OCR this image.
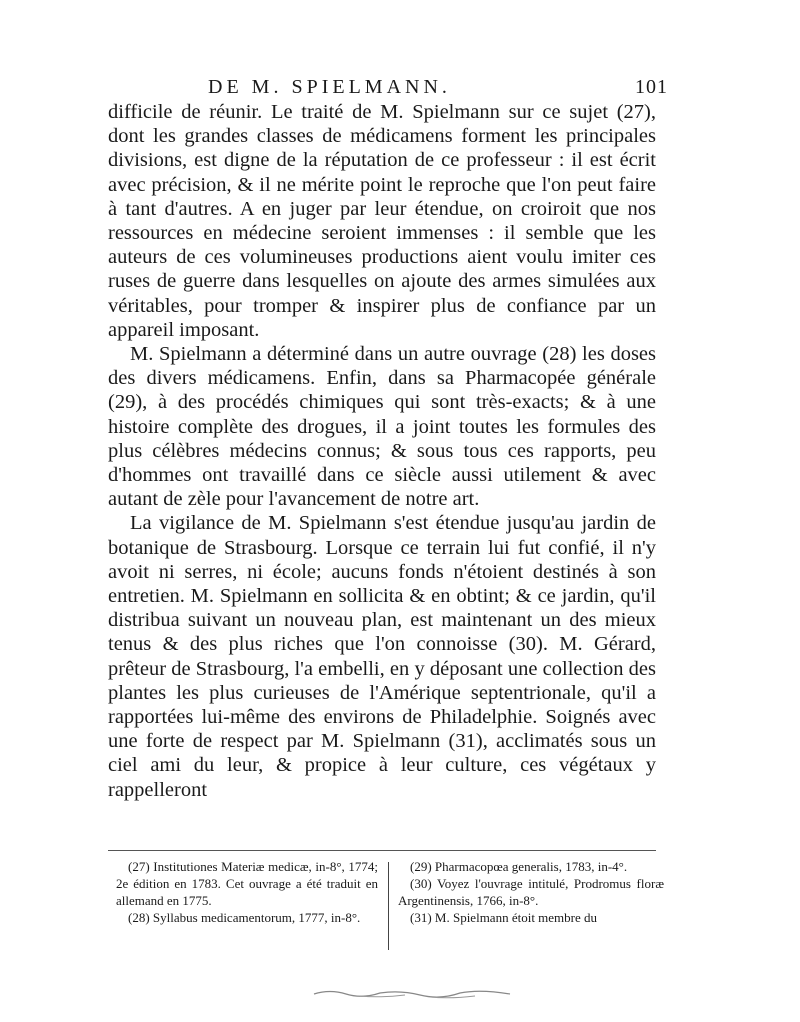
DE M. SPIELMANN.	101

difficile de réunir. Le traité de M. Spielmann sur ce sujet (27), dont les grandes classes de médicamens forment les principales divisions, est digne de la réputation de ce professeur : il est écrit avec précision, & il ne mérite point le reproche que l'on peut faire à tant d'autres. A en juger par leur étendue, on croiroit que nos ressources en médecine seroient immenses : il semble que les auteurs de ces volumineuses productions aient voulu imiter ces ruses de guerre dans lesquelles on ajoute des armes simulées aux véritables, pour tromper & inspirer plus de confiance par un appareil imposant.

M. Spielmann a déterminé dans un autre ouvrage (28) les doses des divers médicamens. Enfin, dans sa Pharmacopée générale (29), à des procédés chimiques qui sont très-exacts; & à une histoire complète des drogues, il a joint toutes les formules des plus célèbres médecins connus; & sous tous ces rapports, peu d'hommes ont travaillé dans ce siècle aussi utilement & avec autant de zèle pour l'avancement de notre art.

La vigilance de M. Spielmann s'est étendue jusqu'au jardin de botanique de Strasbourg. Lorsque ce terrain lui fut confié, il n'y avoit ni serres, ni école; aucuns fonds n'étoient destinés à son entretien. M. Spielmann en sollicita & en obtint; & ce jardin, qu'il distribua suivant un nouveau plan, est maintenant un des mieux tenus & des plus riches que l'on connoisse (30). M. Gérard, prêteur de Strasbourg, l'a embelli, en y déposant une collection des plantes les plus curieuses de l'Amérique septentrionale, qu'il a rapportées lui-même des environs de Philadelphie. Soignés avec une forte de respect par M. Spielmann (31), acclimatés sous un ciel ami du leur, & propice à leur culture, ces végétaux y rappelleront

(27) Institutiones Materiæ medicæ, in-8°, 1774; 2e édition en 1783. Cet ouvrage a été traduit en allemand en 1775.

(28) Syllabus medicamentorum, 1777, in-8°.

(29) Pharmacopœa generalis, 1783, in-4°.

(30) Voyez l'ouvrage intitulé, Prodromus floræ Argentinensis, 1766, in-8°.

(31) M. Spielmann étoit membre du
